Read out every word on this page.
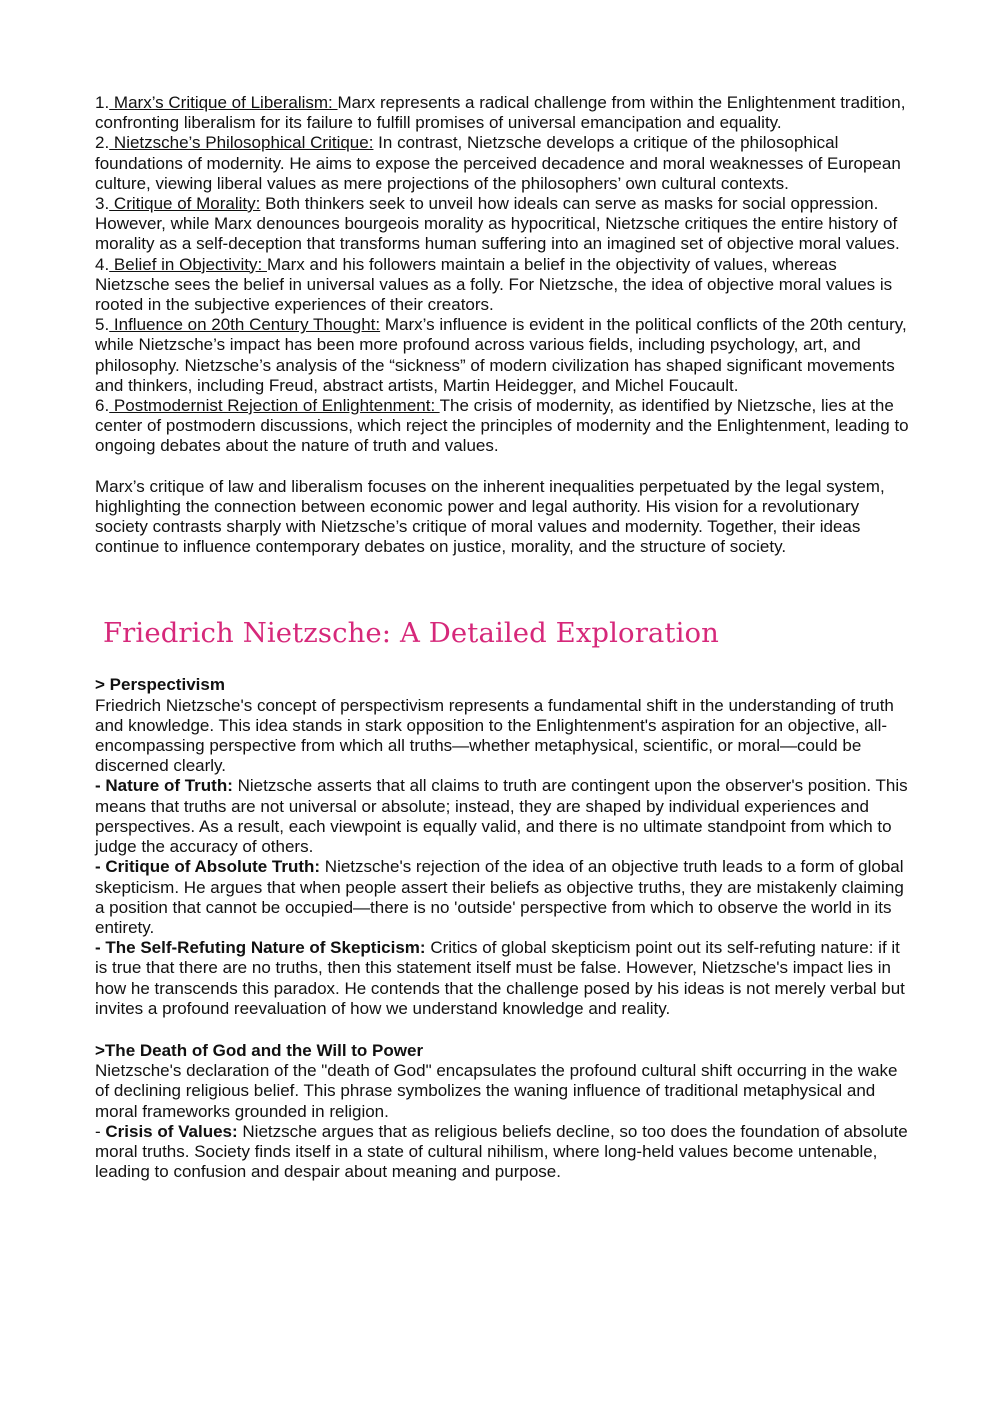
1. Marx’s Critique of Liberalism: Marx represents a radical challenge from within the Enlightenment tradition, confronting liberalism for its failure to fulfill promises of universal emancipation and equality.

2. Nietzsche’s Philosophical Critique: In contrast, Nietzsche develops a critique of the philosophical foundations of modernity. He aims to expose the perceived decadence and moral weaknesses of European culture, viewing liberal values as mere projections of the philosophers’ own cultural contexts.

3. Critique of Morality: Both thinkers seek to unveil how ideals can serve as masks for social oppression. However, while Marx denounces bourgeois morality as hypocritical, Nietzsche critiques the entire history of morality as a self-deception that transforms human suffering into an imagined set of objective moral values.

4. Belief in Objectivity: Marx and his followers maintain a belief in the objectivity of values, whereas Nietzsche sees the belief in universal values as a folly. For Nietzsche, the idea of objective moral values is rooted in the subjective experiences of their creators.

5. Influence on 20th Century Thought: Marx’s influence is evident in the political conflicts of the 20th century, while Nietzsche’s impact has been more profound across various fields, including psychology, art, and philosophy. Nietzsche’s analysis of the “sickness” of modern civilization has shaped significant movements and thinkers, including Freud, abstract artists, Martin Heidegger, and Michel Foucault.

6. Postmodernist Rejection of Enlightenment: The crisis of modernity, as identified by Nietzsche, lies at the center of postmodern discussions, which reject the principles of modernity and the Enlightenment, leading to ongoing debates about the nature of truth and values.

Marx’s critique of law and liberalism focuses on the inherent inequalities perpetuated by the legal system, highlighting the connection between economic power and legal authority. His vision for a revolutionary society contrasts sharply with Nietzsche’s critique of moral values and modernity. Together, their ideas continue to influence contemporary debates on justice, morality, and the structure of society.

Friedrich Nietzsche: A Detailed Exploration

> Perspectivism

Friedrich Nietzsche's concept of perspectivism represents a fundamental shift in the understanding of truth and knowledge. This idea stands in stark opposition to the Enlightenment's aspiration for an objective, all-encompassing perspective from which all truths—whether metaphysical, scientific, or moral—could be discerned clearly.

- Nature of Truth: Nietzsche asserts that all claims to truth are contingent upon the observer's position. This means that truths are not universal or absolute; instead, they are shaped by individual experiences and perspectives. As a result, each viewpoint is equally valid, and there is no ultimate standpoint from which to judge the accuracy of others.

- Critique of Absolute Truth: Nietzsche's rejection of the idea of an objective truth leads to a form of global skepticism. He argues that when people assert their beliefs as objective truths, they are mistakenly claiming a position that cannot be occupied—there is no 'outside' perspective from which to observe the world in its entirety.

- The Self-Refuting Nature of Skepticism: Critics of global skepticism point out its self-refuting nature: if it is true that there are no truths, then this statement itself must be false. However, Nietzsche's impact lies in how he transcends this paradox. He contends that the challenge posed by his ideas is not merely verbal but invites a profound reevaluation of how we understand knowledge and reality.

>The Death of God and the Will to Power

Nietzsche's declaration of the "death of God" encapsulates the profound cultural shift occurring in the wake of declining religious belief. This phrase symbolizes the waning influence of traditional metaphysical and moral frameworks grounded in religion.

- Crisis of Values: Nietzsche argues that as religious beliefs decline, so too does the foundation of absolute moral truths. Society finds itself in a state of cultural nihilism, where long-held values become untenable, leading to confusion and despair about meaning and purpose.
